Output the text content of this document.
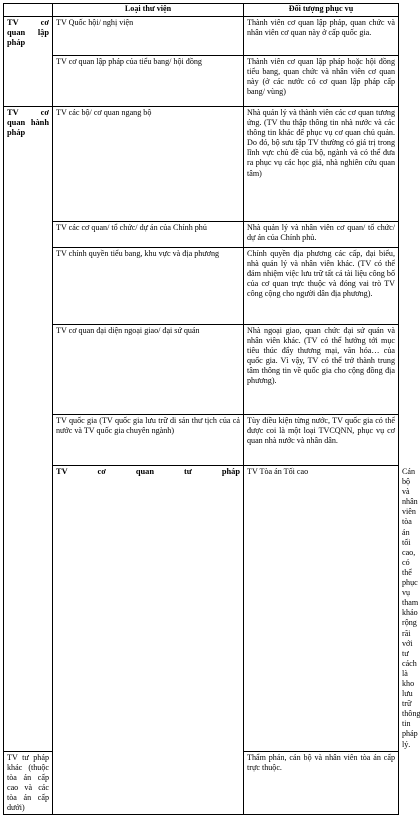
	Loại thư viện	Đối tượng phục vụ	
TV cơ quan lập pháp	TV Quốc hội/ nghị viện	Thành viên cơ quan lập pháp, quan chức và nhân viên cơ quan này ở cấp quốc gia.	
	TV cơ quan lập pháp của tiểu bang/ hội đồng	Thành viên cơ quan lập pháp hoặc hội đồng tiểu bang, quan chức và nhân viên cơ quan này (ở các nước có cơ quan lập pháp cấp bang/ vùng)	
TV cơ quan hành pháp	TV các bộ/ cơ quan ngang bộ	Nhà quản lý và thành viên các cơ quan tương ứng. (TV thu thập thông tin nhà nước và các thông tin khác để phục vụ cơ quan chủ quản. Do đó, bộ sưu tập TV thường có giá trị trong lĩnh vực chủ đề của bộ, ngành và có thể đưa ra phục vụ các học giả, nhà nghiên cứu quan tâm)	
	TV các cơ quan/ tổ chức/ dự án của Chính phủ	Nhà quản lý và nhân viên cơ quan/ tổ chức/ dự án của Chính phủ.	
	TV chính quyền tiểu bang, khu vực và địa phương	Chính quyền địa phương các cấp, đại biểu, nhà quản lý và nhân viên khác. (TV có thể đảm nhiệm việc lưu trữ tất cả tài liệu công bố của cơ quan trực thuộc và đóng vai trò TV công cộng cho người dân địa phương).	
	TV cơ quan đại diện ngoại giao/ đại sứ quán	Nhà ngoại giao, quan chức đại sứ quán và nhân viên khác. (TV có thể hướng tới mục tiêu thúc đẩy thương mại, văn hóa… của quốc gia. Vì vậy, TV có thể trở thành trung tâm thông tin về quốc gia cho cộng đồng địa phương).	
	TV quốc gia (TV quốc gia lưu trữ di sản thư tịch của cả nước và TV quốc gia chuyên ngành)	Tùy điều kiện từng nước, TV quốc gia có thể được coi là một loại TVCQNN, phục vụ cơ quan nhà nước và nhân dân.	
	TV cơ quan tư pháp	TV Tòa án Tối cao	Cán bộ và nhân viên tòa án tối cao, có thể phục vụ tham khảo rộng rãi với tư cách là kho lưu trữ thông tin pháp lý.
TV tư pháp khác (thuộc tòa án cấp cao và các tòa án cấp dưới)		Thẩm phán, cán bộ và nhân viên tòa án cấp trực thuộc.	
